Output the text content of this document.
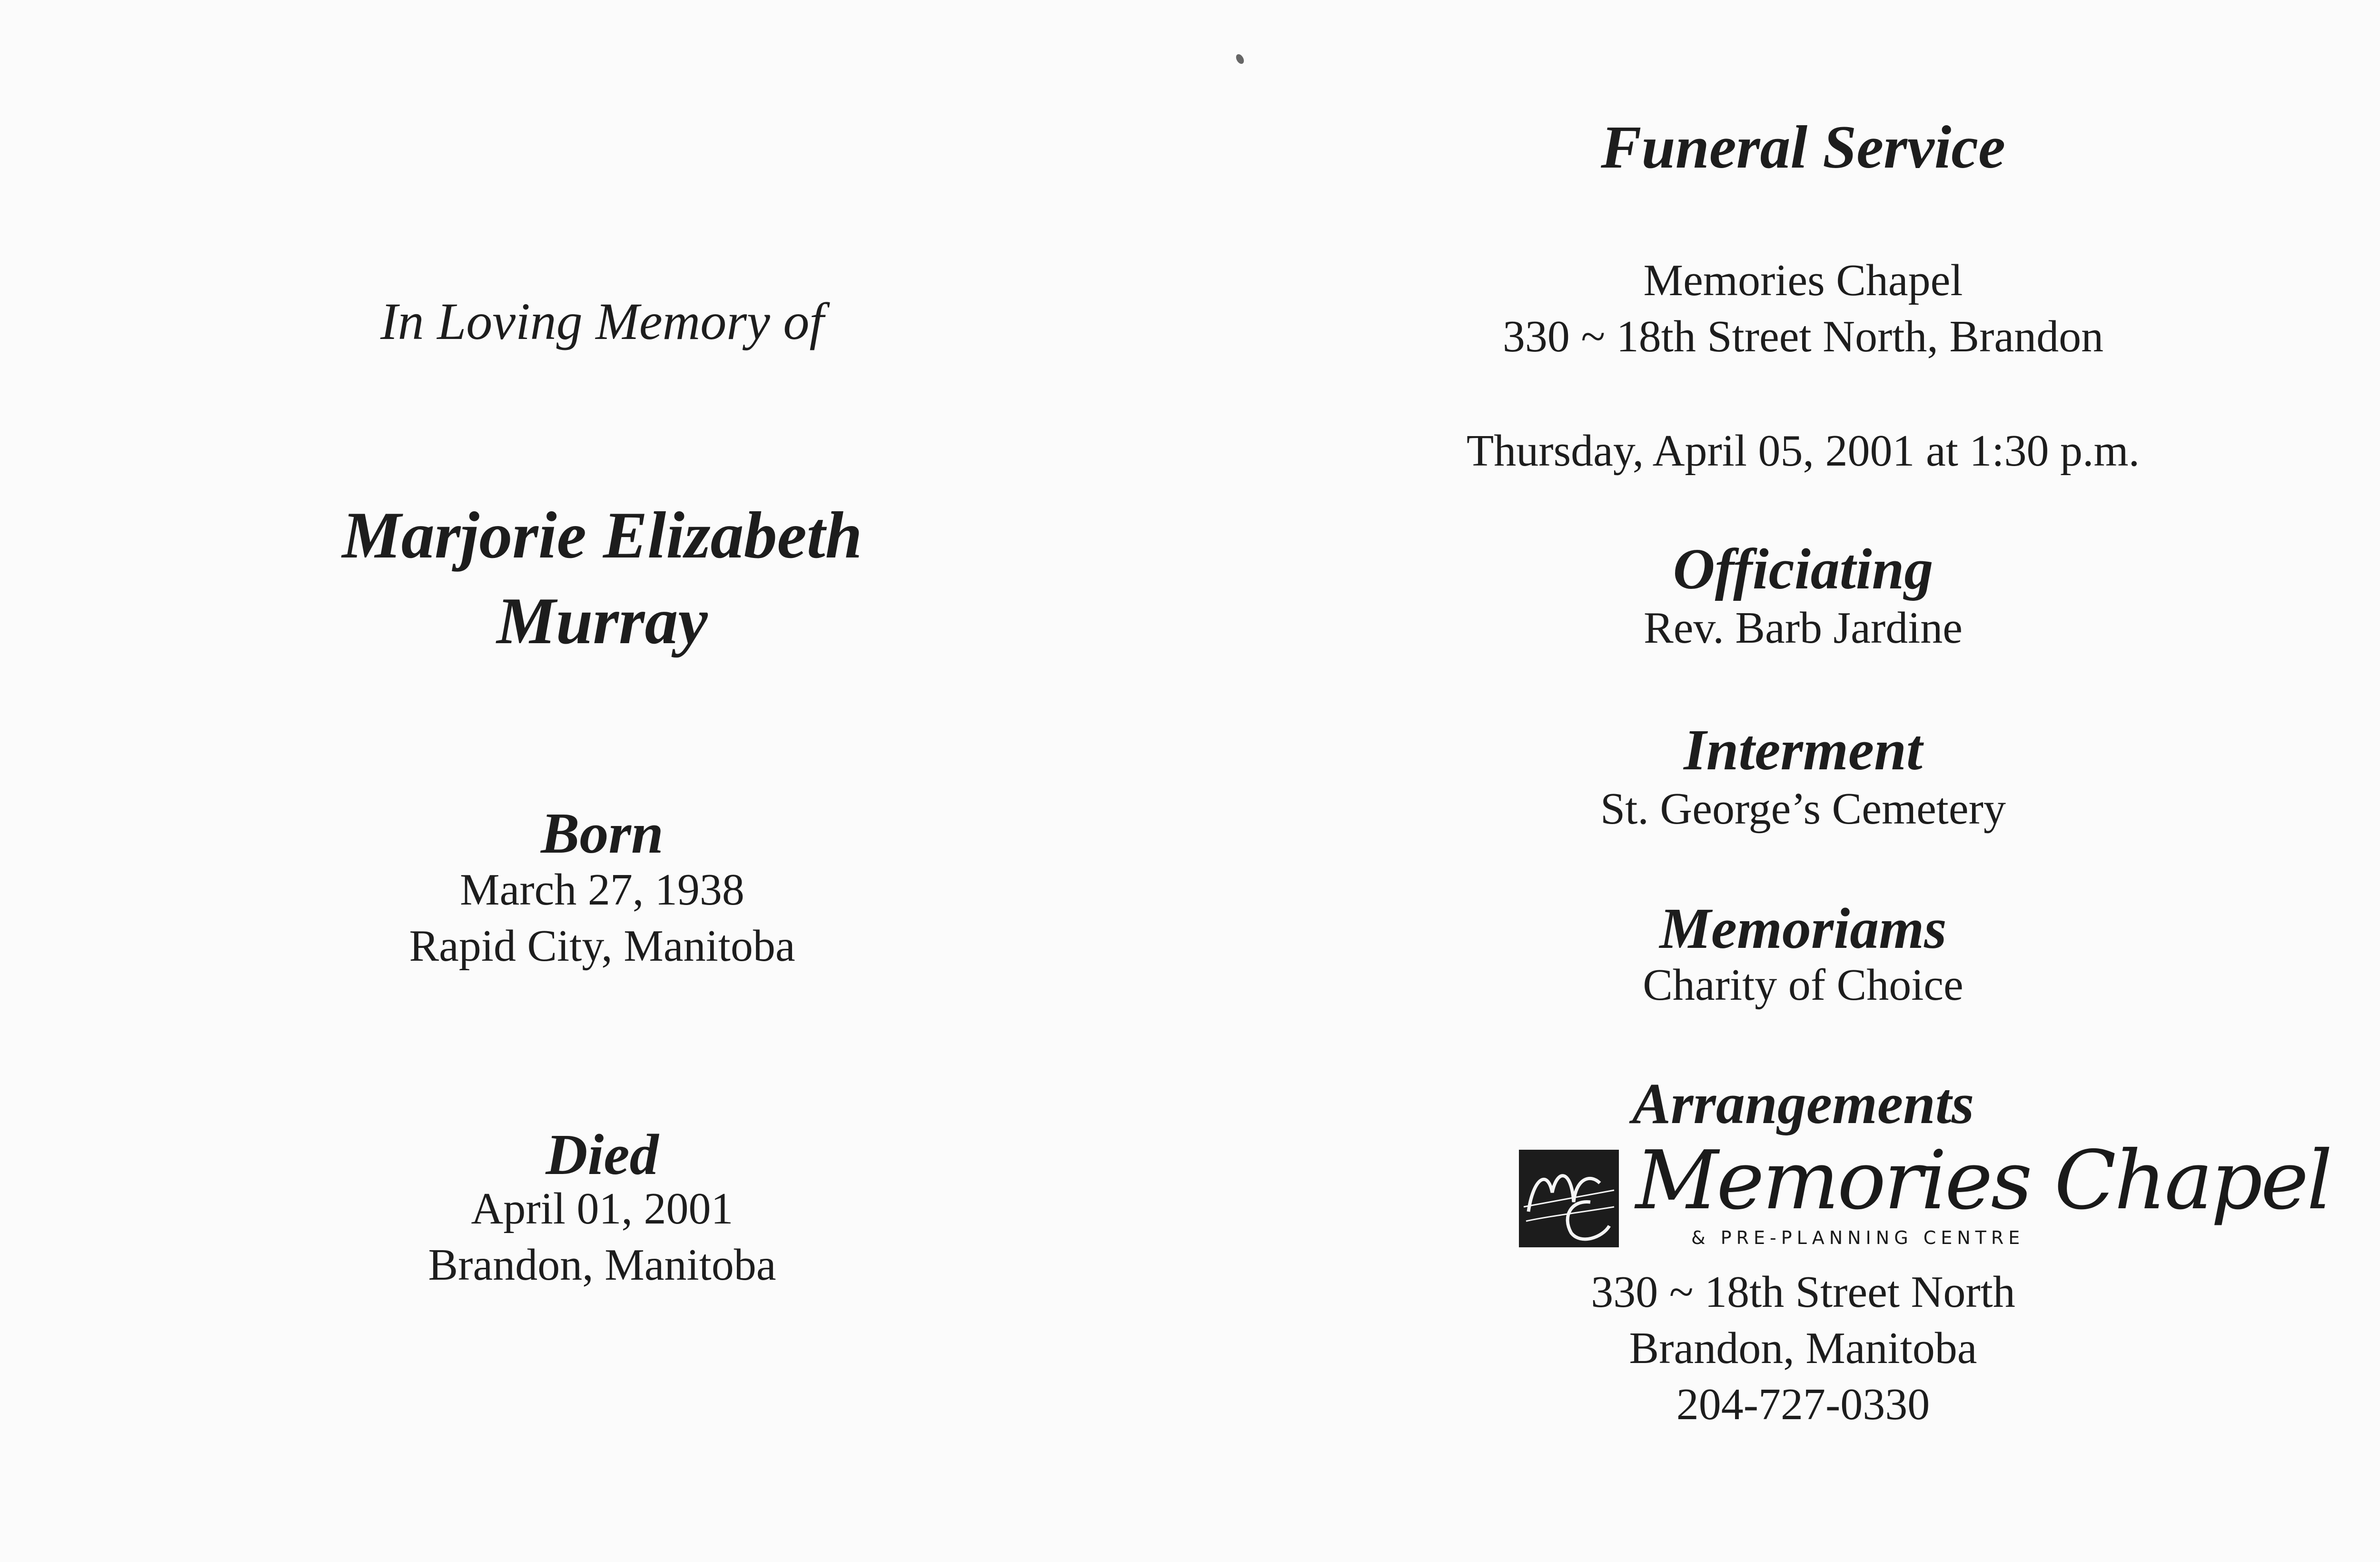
In Loving Memory of
Marjorie Elizabeth
Murray
Born
March 27, 1938
Rapid City, Manitoba
Died
April 01, 2001
Brandon, Manitoba
Funeral Service
Memories Chapel
330 ~ 18th Street North, Brandon
Thursday, April 05, 2001 at 1:30 p.m.
Officiating
Rev. Barb Jardine
Interment
St. George’s Cemetery
Memoriams
Charity of Choice
Arrangements
Memories Chapel
& PRE-PLANNING CENTRE
330 ~ 18th Street North
Brandon, Manitoba
204-727-0330
